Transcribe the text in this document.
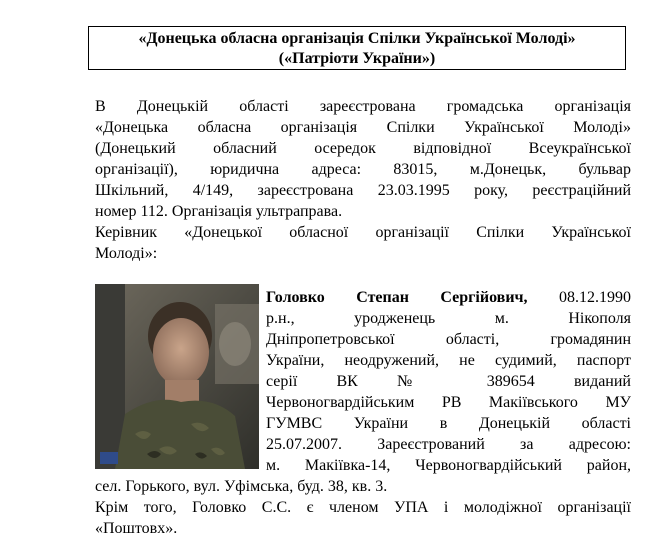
«Донецька обласна організація Спілки Української Молоді»
(«Патріоти України»)
В Донецькій області зареєстрована громадська організація
«Донецька обласна організація Спілки Української Молоді»
(Донецький обласний осередок відповідної Всеукраїнської
організації), юридична адреса: 83015, м.Донецьк, бульвар
Шкільний, 4/149, зареєстрована 23.03.1995 року, реєстраційний
номер 112. Організація ультраправа.
Керівник «Донецької обласної організації Спілки Української
Молоді»:
Головко Степан Сергійович, 08.12.1990
р.н., уродженець м. Нікополя
Дніпропетровської області, громадянин
України, неодружений, не судимий, паспорт
серії ВК № 389654 виданий
Червоногвардійським РВ Макіївського МУ
ГУМВС України в Донецькій області
25.07.2007. Зареєстрований за адресою:
м. Макіївка-14, Червоногвардійський район,
сел. Горького, вул. Уфімська, буд. 38, кв. 3.
Крім того, Головко С.С. є членом УПА і молодіжної організації
«Поштовх».
